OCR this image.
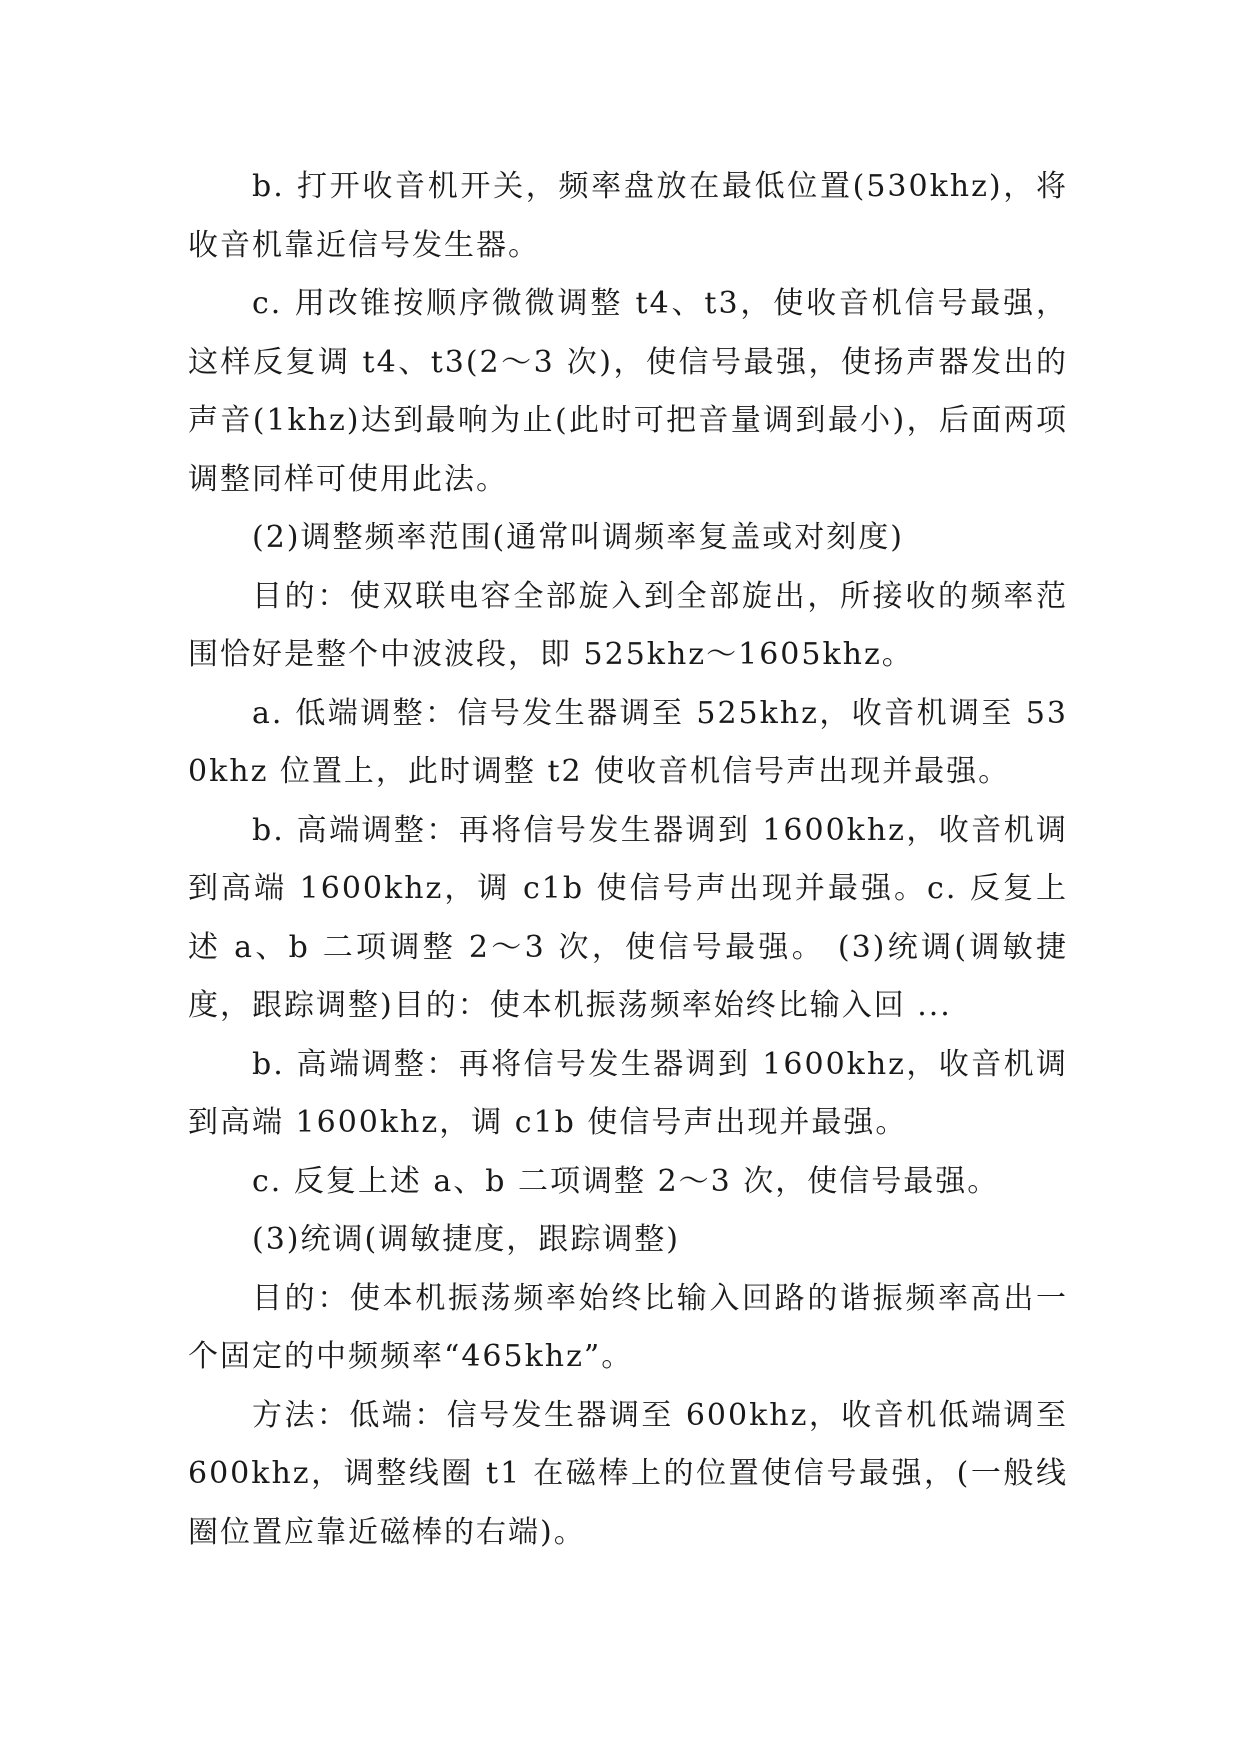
b. 打开收音机开关，频率盘放在最低位置(530khz)，将收音机靠近信号发生器。

c. 用改锥按顺序微微调整 t4、t3，使收音机信号最强，这样反复调 t4、t3(2～3 次)，使信号最强，使扬声器发出的声音(1khz)达到最响为止(此时可把音量调到最小)，后面两项调整同样可使用此法。

(2)调整频率范围(通常叫调频率复盖或对刻度)

目的：使双联电容全部旋入到全部旋出，所接收的频率范围恰好是整个中波波段，即 525khz～1605khz。

a. 低端调整：信号发生器调至 525khz，收音机调至 530khz 位置上，此时调整 t2 使收音机信号声出现并最强。

b. 高端调整：再将信号发生器调到 1600khz，收音机调到高端 1600khz，调 c1b 使信号声出现并最强。c. 反复上述 a、b 二项调整 2～3 次，使信号最强。 (3)统调(调敏捷度，跟踪调整)目的：使本机振荡频率始终比输入回 ...

b. 高端调整：再将信号发生器调到 1600khz，收音机调到高端 1600khz，调 c1b 使信号声出现并最强。

c. 反复上述 a、b 二项调整 2～3 次，使信号最强。

(3)统调(调敏捷度，跟踪调整)

目的：使本机振荡频率始终比输入回路的谐振频率高出一个固定的中频频率“465khz”。

方法：低端：信号发生器调至 600khz，收音机低端调至 600khz，调整线圈 t1 在磁棒上的位置使信号最强，(一般线圈位置应靠近磁棒的右端)。
